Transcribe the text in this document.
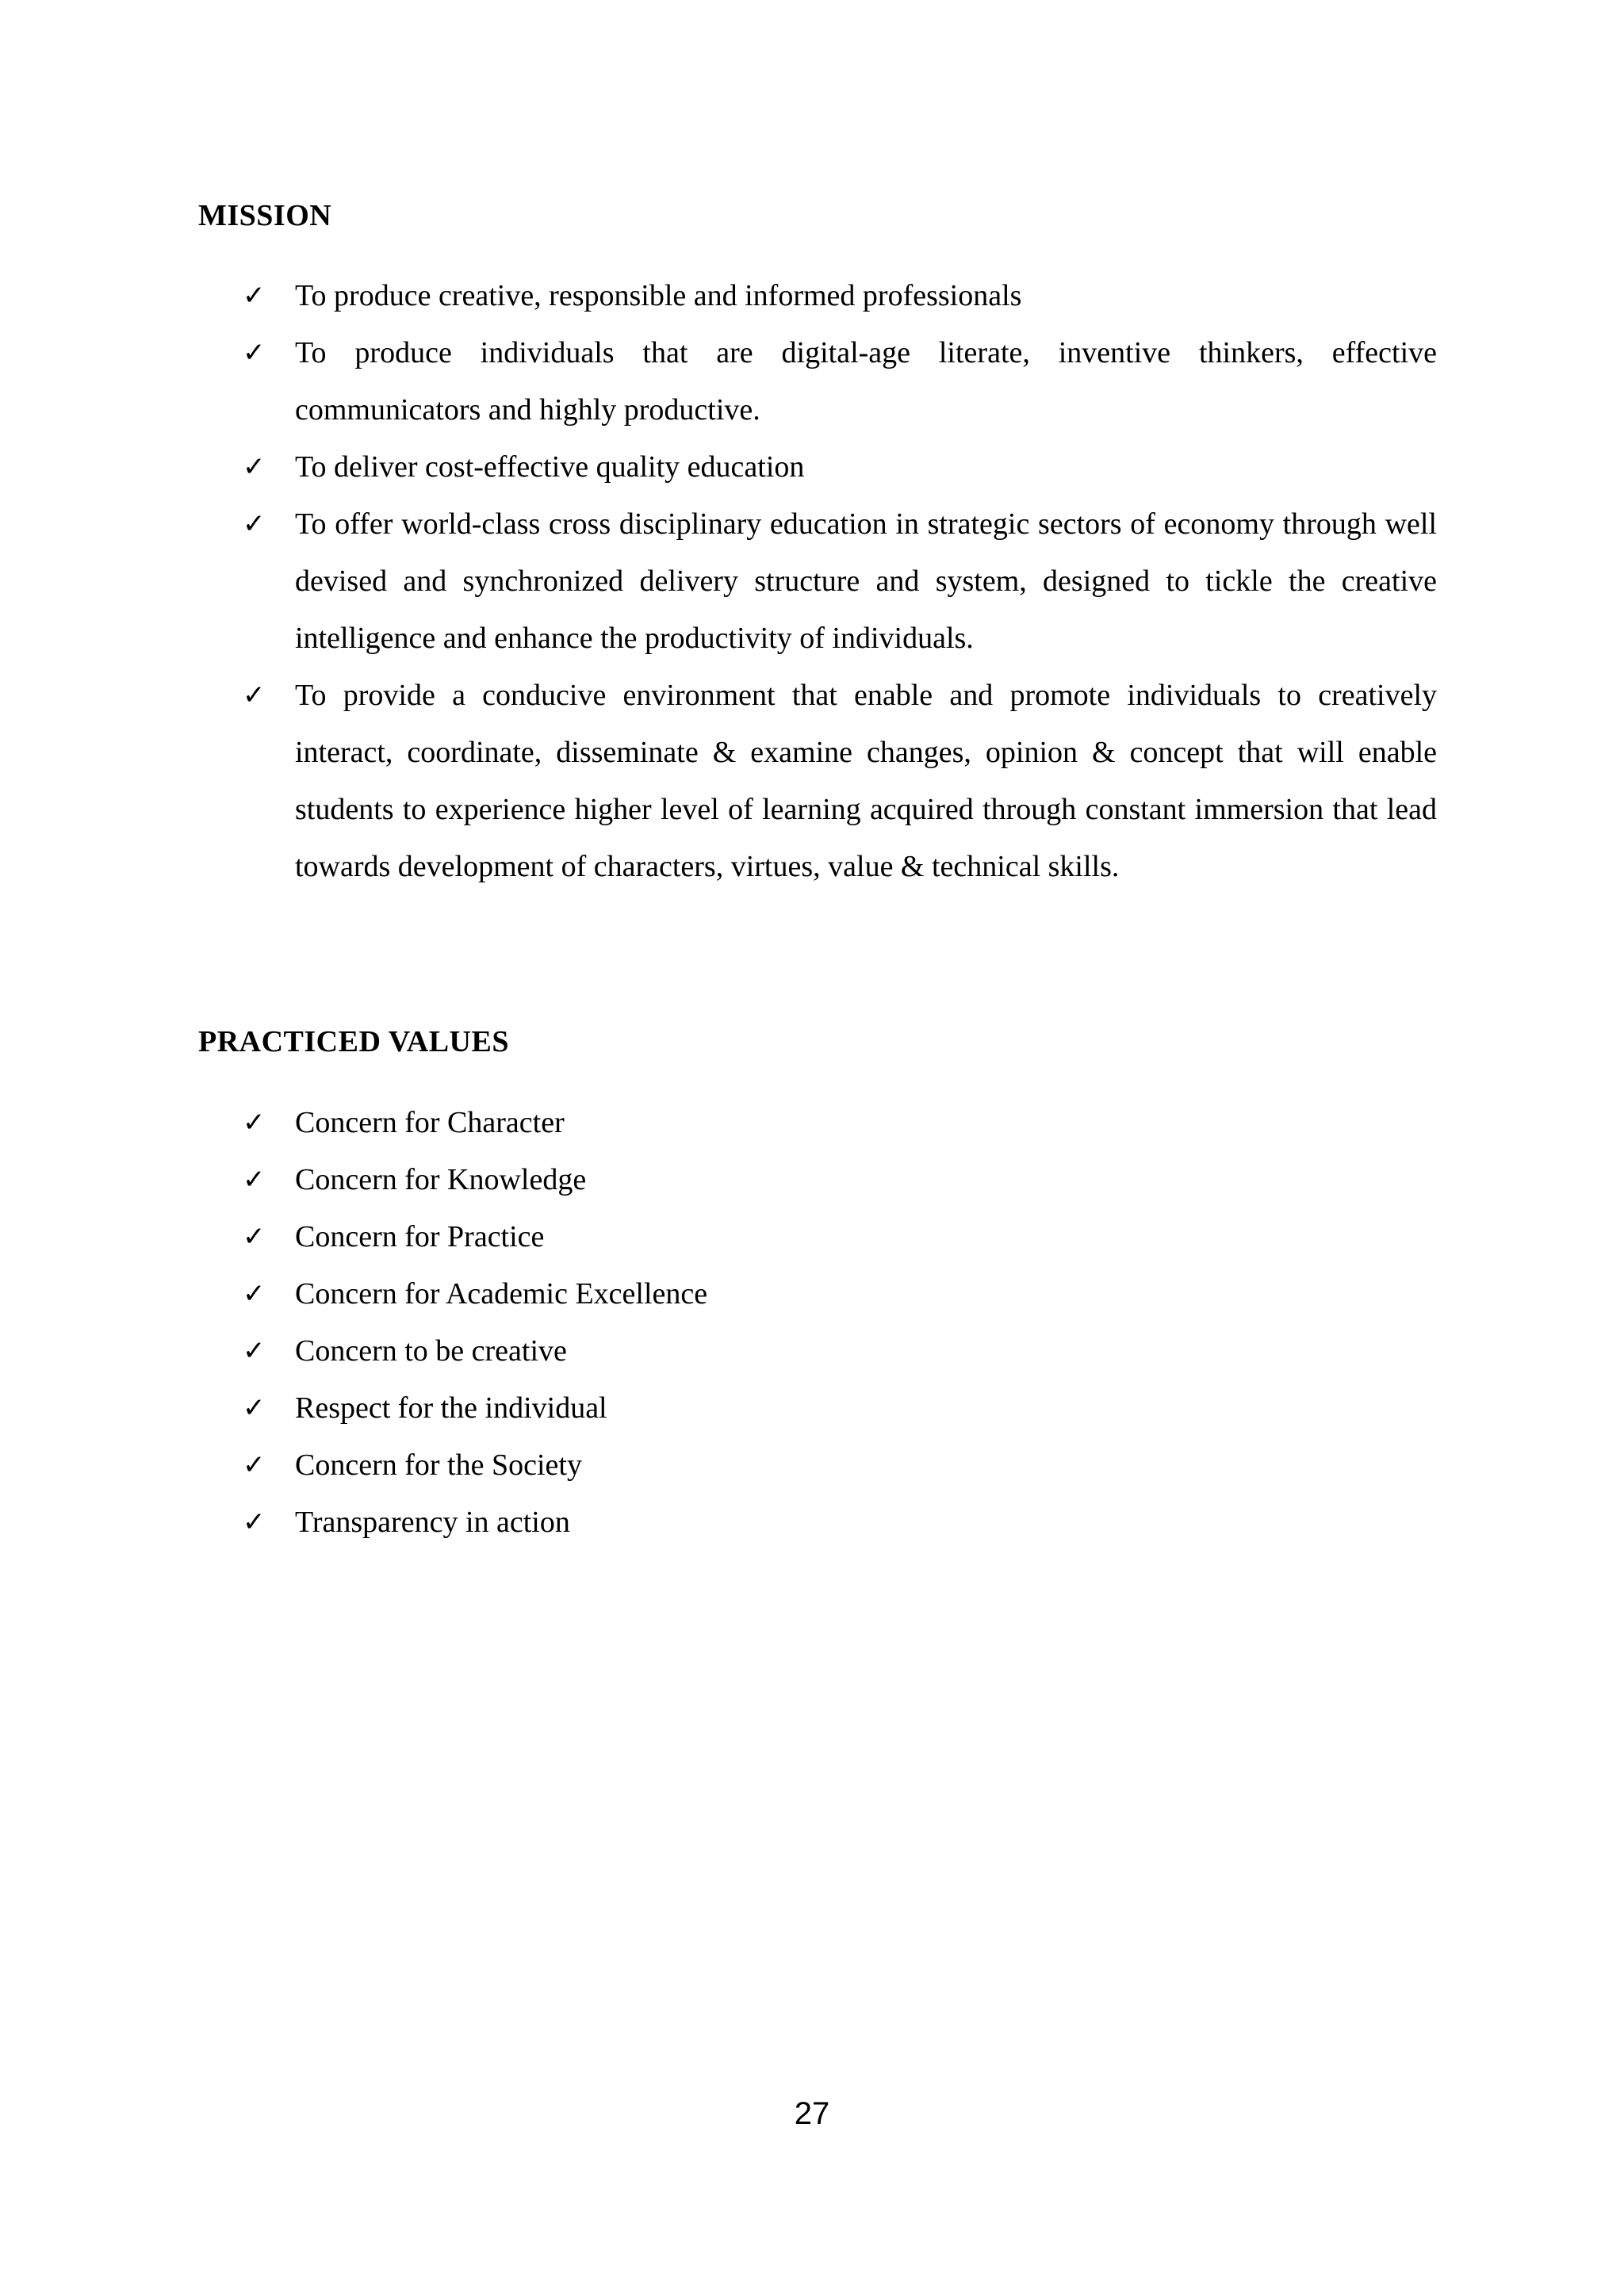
MISSION
✓ To produce creative, responsible and informed professionals
✓ To produce individuals that are digital-age literate, inventive thinkers, effective communicators and highly productive.
✓ To deliver cost-effective quality education
✓ To offer world-class cross disciplinary education in strategic sectors of economy through well devised and synchronized delivery structure and system, designed to tickle the creative intelligence and enhance the productivity of individuals.
✓ To provide a conducive environment that enable and promote individuals to creatively interact, coordinate, disseminate & examine changes, opinion & concept that will enable students to experience higher level of learning acquired through constant immersion that lead towards development of characters, virtues, value & technical skills.
PRACTICED VALUES
✓ Concern for Character
✓ Concern for Knowledge
✓ Concern for Practice
✓ Concern for Academic Excellence
✓ Concern to be creative
✓ Respect for the individual
✓ Concern for the Society
✓ Transparency in action
27
